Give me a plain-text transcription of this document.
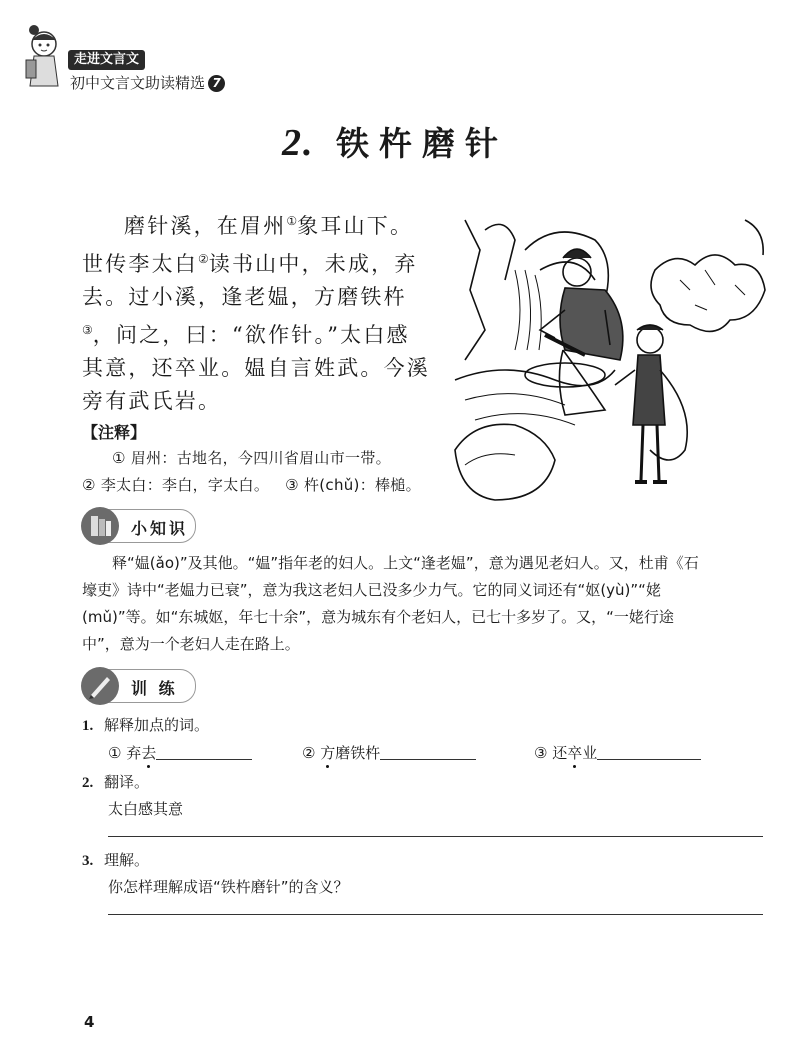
走进文言文
初中文言文助读精选 7
2. 铁杵磨针
磨针溪，在眉州①象耳山下。世传李太白②读书山中，未成，弃去。过小溪，逢老媪，方磨铁杵③，问之，曰：“欲作针。”太白感其意，还卒业。媪自言姓武。今溪旁有武氏岩。
【注释】
① 眉州：古地名，今四川省眉山市一带。
② 李太白：李白，字太白。 ③ 杵(chǔ)：棒槌。
小知识
释“媪(ǎo)”及其他。“媪”指年老的妇人。上文“逢老媪”，意为遇见老妇人。又，杜甫《石壕吏》诗中“老媪力已衰”，意为我这老妇人已没多少力气。它的同义词还有“妪(yù)”“姥(mǔ)”等。如“东城妪，年七十余”，意为城东有个老妇人，已七十多岁了。又，“一姥行途中”，意为一个老妇人走在路上。
训 练
1. 解释加点的词。
① 弃去	② 方磨铁杵	③ 还卒业
2. 翻译。
太白感其意
3. 理解。
你怎样理解成语“铁杵磨针”的含义？
4
